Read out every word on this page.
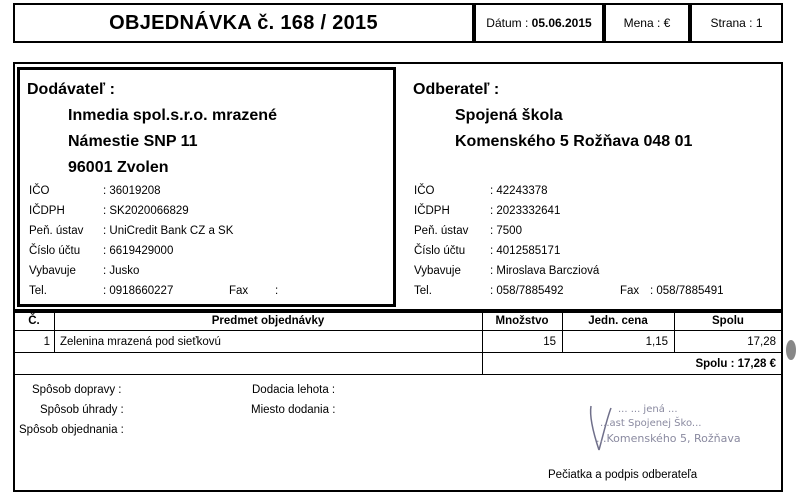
OBJEDNÁVKA č. 168 / 2015	Dátum : 05.06.2015	Mena : €	Strana : 1
Dodávateľ :
Inmedia spol.s.r.o. mrazené
Námestie SNP 11
96001 Zvolen
IČO	: 36019208
IČDPH	: SK2020066829
Peň. ústav : UniCredit Bank CZ a SK
Číslo účtu : 6619429000
Vybavuje : Jusko
Tel.	: 0918660227	Fax :
Odberateľ :
Spojená škola
Komenského 5 Rožňava 048 01
IČO	: 42243378
IČDPH	: 2023332641
Peň. ústav : 7500
Číslo účtu : 4012585171
Vybavuje	: Miroslava Barcziová
Tel.	: 058/7885492	Fax : 058/7885491
Č.	Predmet objednávky	Množstvo	Jedn. cena	Spolu
1 Zelenina mrazená pod sieťkovú	15	1,15	17,28
Spolu : 17,28 €
Spôsob dopravy :
Spôsob úhrady :
Spôsob objednania :
Dodacia lehota :
Miesto dodania :	... ... jená ...
...ast Spojenej Ško...
...Komenského 5, Rožňava
Pečiatka a podpis odberateľa
